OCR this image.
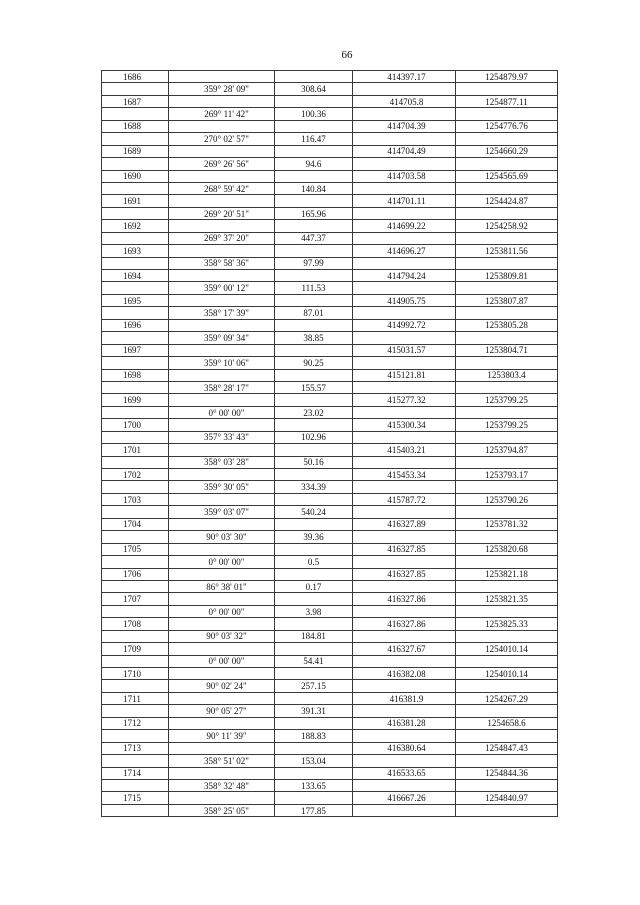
66
1686			414397.17	1254879.97
	359° 28' 09"	308.64		
1687			414705.8	1254877.11
	269° 11' 42"	100.36		
1688			414704.39	1254776.76
	270° 02' 57"	116.47		
1689			414704.49	1254660.29
	269° 26' 56"	94.6		
1690			414703.58	1254565.69
	268° 59' 42"	140.84		
1691			414701.11	1254424.87
	269° 20' 51"	165.96		
1692			414699.22	1254258.92
	269° 37' 20"	447.37		
1693			414696.27	1253811.56
	358° 58' 36"	97.99		
1694			414794.24	1253809.81
	359° 00' 12"	111.53		
1695			414905.75	1253807.87
	358° 17' 39"	87.01		
1696			414992.72	1253805.28
	359° 09' 34"	38.85		
1697			415031.57	1253804.71
	359° 10' 06"	90.25		
1698			415121.81	1253803.4
	358° 28' 17"	155.57		
1699			415277.32	1253799.25
	0° 00' 00"	23.02		
1700			415300.34	1253799.25
	357° 33' 43"	102.96		
1701			415403.21	1253794.87
	358° 03' 28"	50.16		
1702			415453.34	1253793.17
	359° 30' 05"	334.39		
1703			415787.72	1253790.26
	359° 03' 07"	540.24		
1704			416327.89	1253781.32
	90° 03' 30"	39.36		
1705			416327.85	1253820.68
	0° 00' 00"	0.5		
1706			416327.85	1253821.18
	86° 38' 01"	0.17		
1707			416327.86	1253821.35
	0° 00' 00"	3.98		
1708			416327.86	1253825.33
	90° 03' 32"	184.81		
1709			416327.67	1254010.14
	0° 00' 00"	54.41		
1710			416382.08	1254010.14
	90° 02' 24"	257.15		
1711			416381.9	1254267.29
	90° 05' 27"	391.31		
1712			416381.28	1254658.6
	90° 11' 39"	188.83		
1713			416380.64	1254847.43
	358° 51' 02"	153.04		
1714			416533.65	1254844.36
	358° 32' 48"	133.65		
1715			416667.26	1254840.97
	358° 25' 05"	177.85		
